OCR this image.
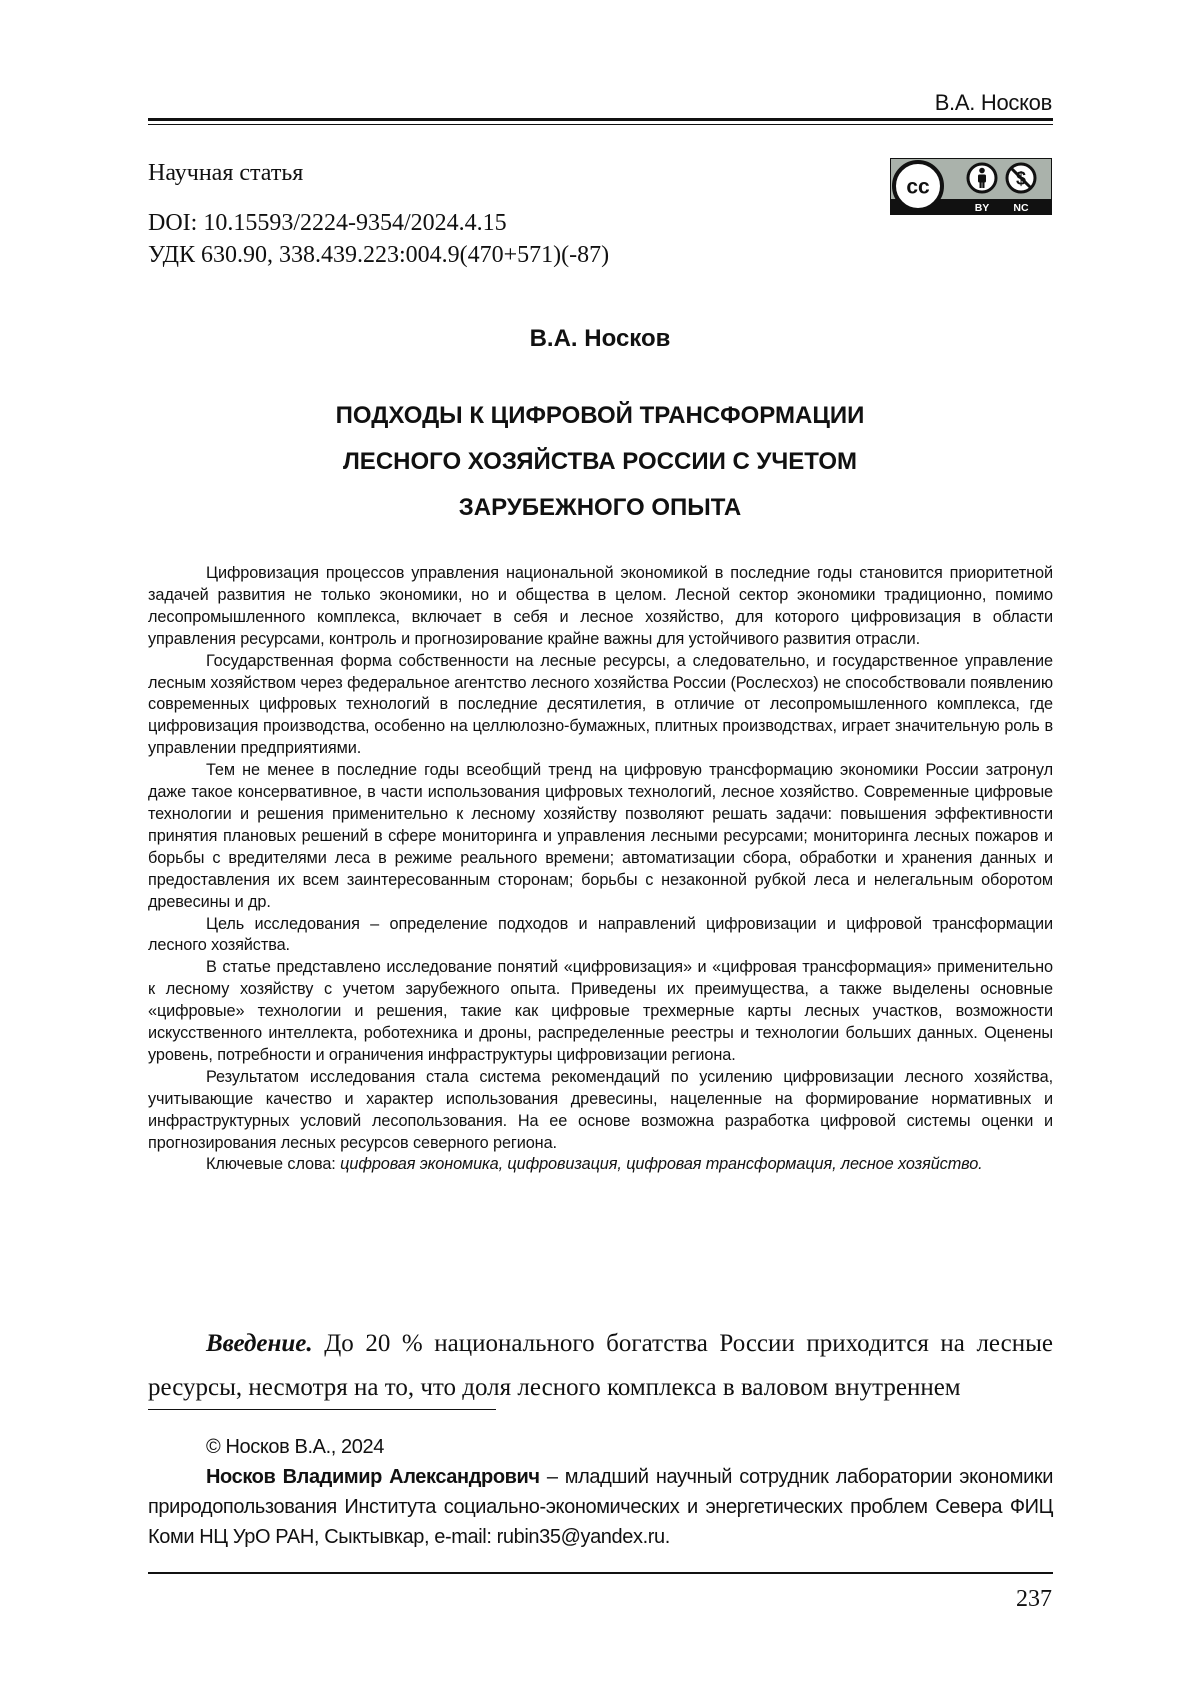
В.А. Носков
Научная статья
DOI: 10.15593/2224-9354/2024.4.15
УДК 630.90, 338.439.223:004.9(470+571)(-87)
cc
BY NC
В.А. Носков
ПОДХОДЫ К ЦИФРОВОЙ ТРАНСФОРМАЦИИ
ЛЕСНОГО ХОЗЯЙСТВА РОССИИ С УЧЕТОМ
ЗАРУБЕЖНОГО ОПЫТА

Цифровизация процессов управления национальной экономикой в последние годы становится приоритетной задачей развития не только экономики, но и общества в целом. Лесной сектор экономики традиционно, помимо лесопромышленного комплекса, включает в себя и лесное хозяйство, для которого цифровизация в области управления ресурсами, контроль и прогнозирование крайне важны для устойчивого развития отрасли.

Государственная форма собственности на лесные ресурсы, а следовательно, и государственное управление лесным хозяйством через федеральное агентство лесного хозяйства России (Рослесхоз) не способствовали появлению современных цифровых технологий в последние десятилетия, в отличие от лесопромышленного комплекса, где цифровизация производства, особенно на целлюлозно-бумажных, плитных производствах, играет значительную роль в управлении предприятиями.

Тем не менее в последние годы всеобщий тренд на цифровую трансформацию экономики России затронул даже такое консервативное, в части использования цифровых технологий, лесное хозяйство. Современные цифровые технологии и решения применительно к лесному хозяйству позволяют решать задачи: повышения эффективности принятия плановых решений в сфере мониторинга и управления лесными ресурсами; мониторинга лесных пожаров и борьбы с вредителями леса в режиме реального времени; автоматизации сбора, обработки и хранения данных и предоставления их всем заинтересованным сторонам; борьбы с незаконной рубкой леса и нелегальным оборотом древесины и др.

Цель исследования – определение подходов и направлений цифровизации и цифровой трансформации лесного хозяйства.

В статье представлено исследование понятий «цифровизация» и «цифровая трансформация» применительно к лесному хозяйству с учетом зарубежного опыта. Приведены их преимущества, а также выделены основные «цифровые» технологии и решения, такие как цифровые трехмерные карты лесных участков, возможности искусственного интеллекта, роботехника и дроны, распределенные реестры и технологии больших данных. Оценены уровень, потребности и ограничения инфраструктуры цифровизации региона.

Результатом исследования стала система рекомендаций по усилению цифровизации лесного хозяйства, учитывающие качество и характер использования древесины, нацеленные на формирование нормативных и инфраструктурных условий лесопользования. На ее основе возможна разработка цифровой системы оценки и прогнозирования лесных ресурсов северного региона.

Ключевые слова: цифровая экономика, цифровизация, цифровая трансформация, лесное хозяйство.

Введение. До 20 % национального богатства России приходится на лесные ресурсы, несмотря на то, что доля лесного комплекса в валовом внутреннем

© Носков В.А., 2024

Носков Владимир Александрович – младший научный сотрудник лаборатории экономики природопользования Института социально-экономических и энергетических проблем Севера ФИЦ Коми НЦ УрО РАН, Сыктывкар, e-mail: rubin35@yandex.ru.

237
